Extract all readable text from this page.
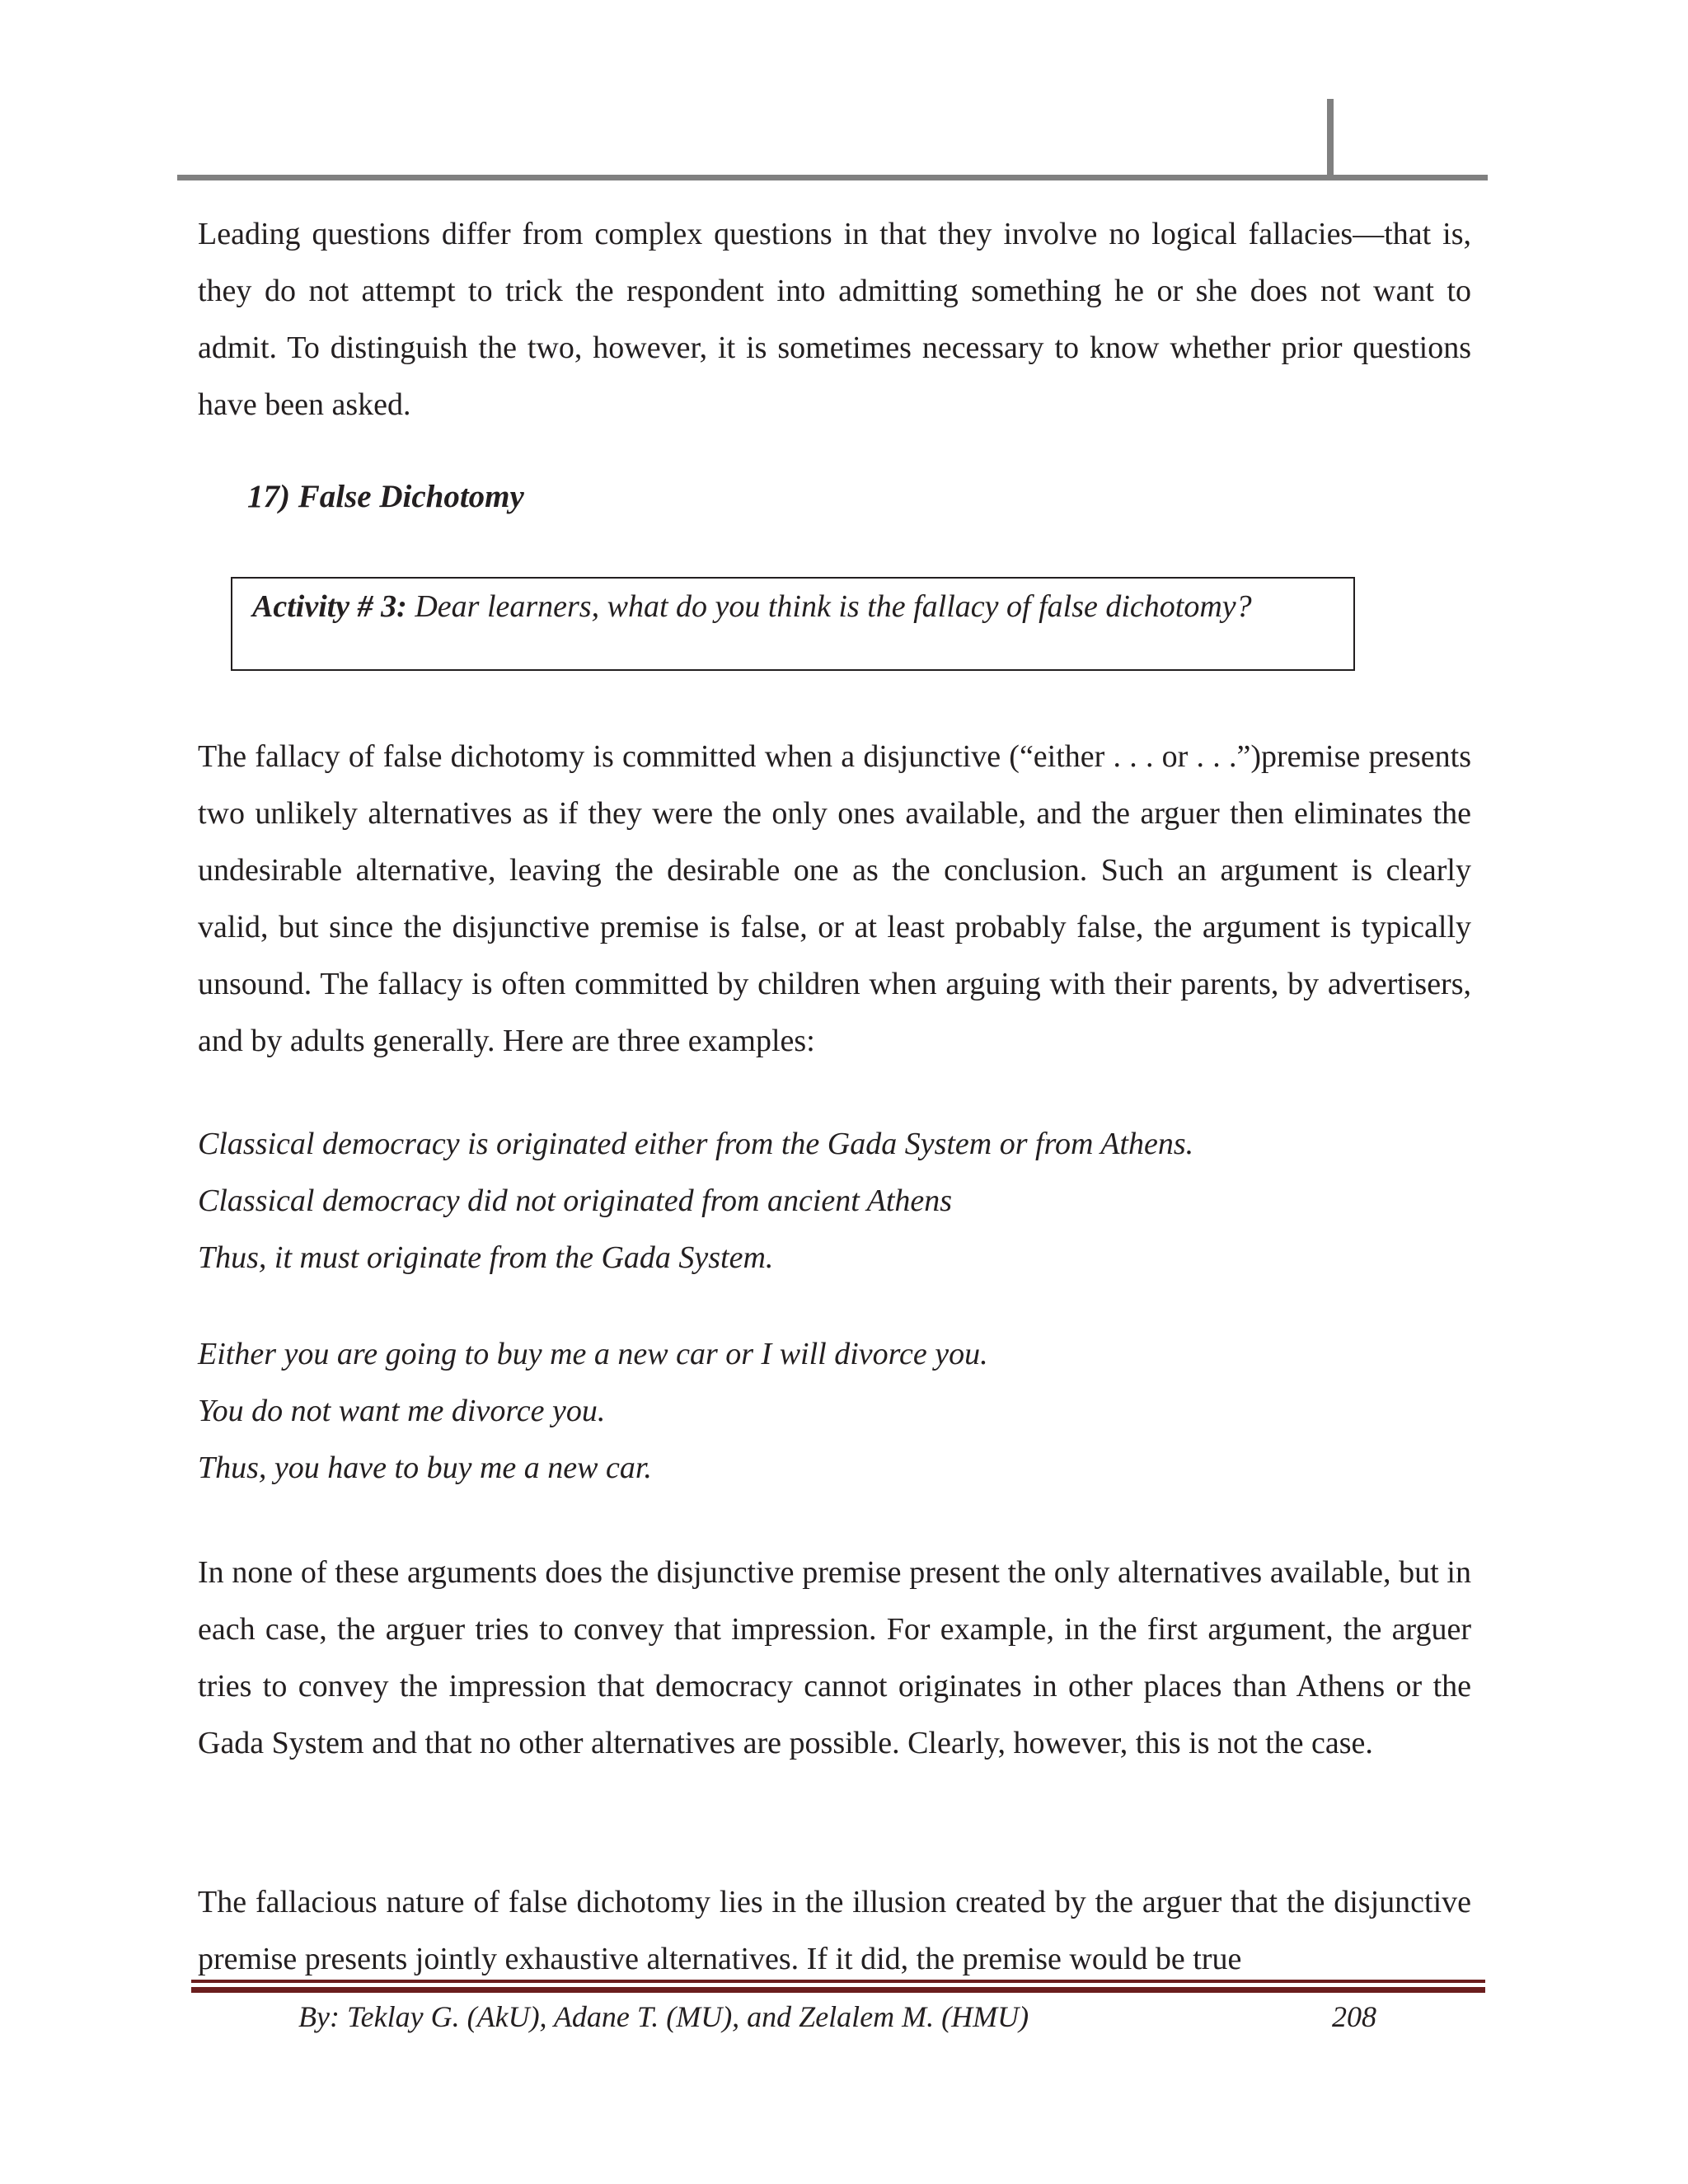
Leading questions differ from complex questions in that they involve no logical fallacies—that is, they do not attempt to trick the respondent into admitting something he or she does not want to admit. To distinguish the two, however, it is sometimes necessary to know whether prior questions have been asked.

17) False Dichotomy

Activity # 3: Dear learners, what do you think is the fallacy of false dichotomy?

The fallacy of false dichotomy is committed when a disjunctive (“either . . . or . . .”)premise presents two unlikely alternatives as if they were the only ones available, and the arguer then eliminates the undesirable alternative, leaving the desirable one as the conclusion. Such an argument is clearly valid, but since the disjunctive premise is false, or at least probably false, the argument is typically unsound. The fallacy is often committed by children when arguing with their parents, by advertisers, and by adults generally. Here are three examples:

Classical democracy is originated either from the Gada System or from Athens.
Classical democracy did not originated from ancient Athens
Thus, it must originate from the Gada System.
Either you are going to buy me a new car or I will divorce you.
You do not want me divorce you.
Thus, you have to buy me a new car.

In none of these arguments does the disjunctive premise present the only alternatives available, but in each case, the arguer tries to convey that impression. For example, in the first argument, the arguer tries to convey the impression that democracy cannot originates in other places than Athens or the Gada System and that no other alternatives are possible. Clearly, however, this is not the case.

The fallacious nature of false dichotomy lies in the illusion created by the arguer that the disjunctive premise presents jointly exhaustive alternatives. If it did, the premise would be true

By: Teklay G. (AkU), Adane T. (MU), and Zelalem M. (HMU)	208
